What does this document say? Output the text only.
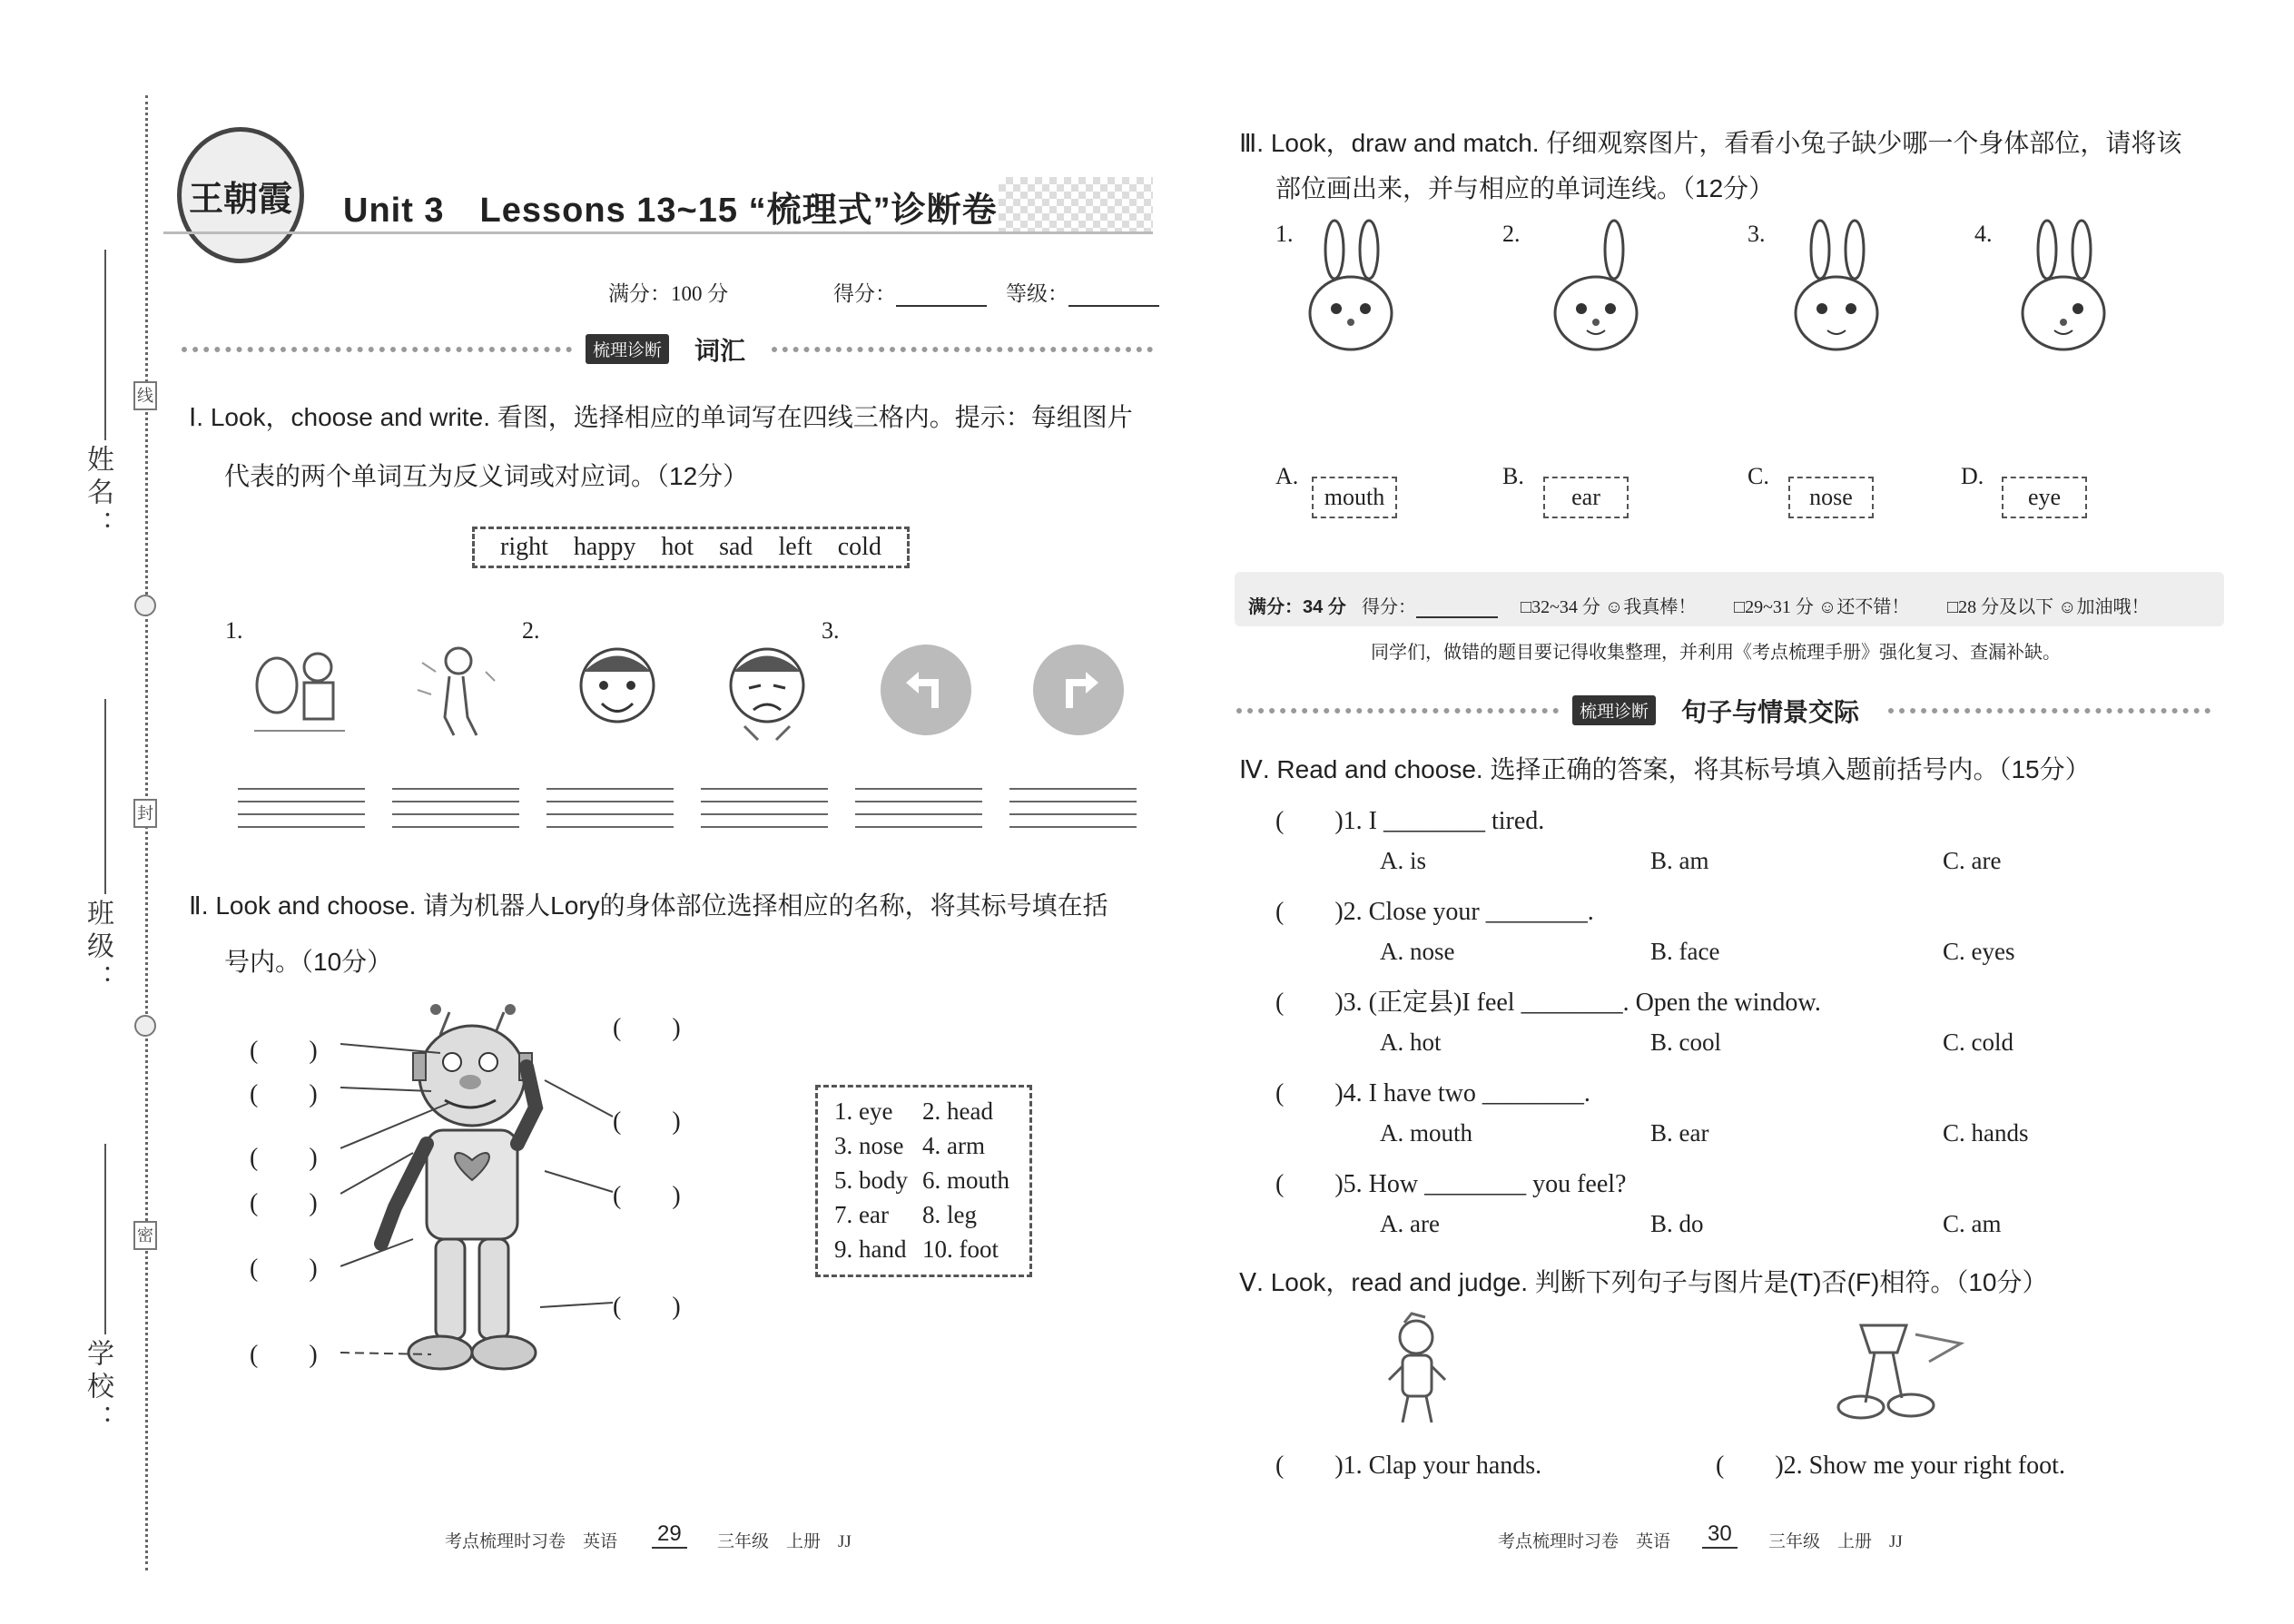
姓名：
班级：
学校：
线
封
密
王朝霞	Unit 3　Lessons 13~15 “梳理式”诊断卷
满分：100 分	得分：	等级：
梳理诊断 词汇
Ⅰ. Look，choose and write. 看图，选择相应的单词写在四线三格内。提示：每组图片
代表的两个单词互为反义词或对应词。（12分）
right happy hot sad left cold
1.	2.	3.
Ⅱ. Look and choose. 请为机器人Lory的身体部位选择相应的名称，将其标号填在括
号内。（10分）
(　　)
(　　)
(　　)
(　　)
(　　)
(　　)
(　　)
(　　)
(　　)
(　　)
1. eye	2. head
3. nose	4. arm
5. body	6. mouth
7. ear	8. leg
9. hand	10. foot
考点梳理时习卷　英语 29	三年级　上册　JJ
Ⅲ. Look，draw and match. 仔细观察图片，看看小兔子缺少哪一个身体部位，请将该
部位画出来，并与相应的单词连线。（12分）
1.	2.	3.	4.
A.	B.	C.	D.
mouth	ear	nose	eye
满分：34 分 得分：	□32~34 分 ☺我真棒！ □29~31 分 ☺还不错！ □28 分及以下 ☺加油哦！
同学们，做错的题目要记得收集整理，并利用《考点梳理手册》强化复习、查漏补缺。
梳理诊断 句子与情景交际
Ⅳ. Read and choose. 选择正确的答案，将其标号填入题前括号内。（15分）
(　　)1. I ________ tired.
A. is	B. am	C. are
(　　)2. Close your ________.
A. nose	B. face	C. eyes
(　　)3. (正定县)I feel ________. Open the window.
A. hot	B. cool	C. cold
(　　)4. I have two ________.
A. mouth	B. ear	C. hands
(　　)5. How ________ you feel?
A. are	B. do	C. am
Ⅴ. Look，read and judge. 判断下列句子与图片是(T)否(F)相符。（10分）
(　　)1. Clap your hands.	(　　)2. Show me your right foot.
考点梳理时习卷　英语 30	三年级　上册　JJ
